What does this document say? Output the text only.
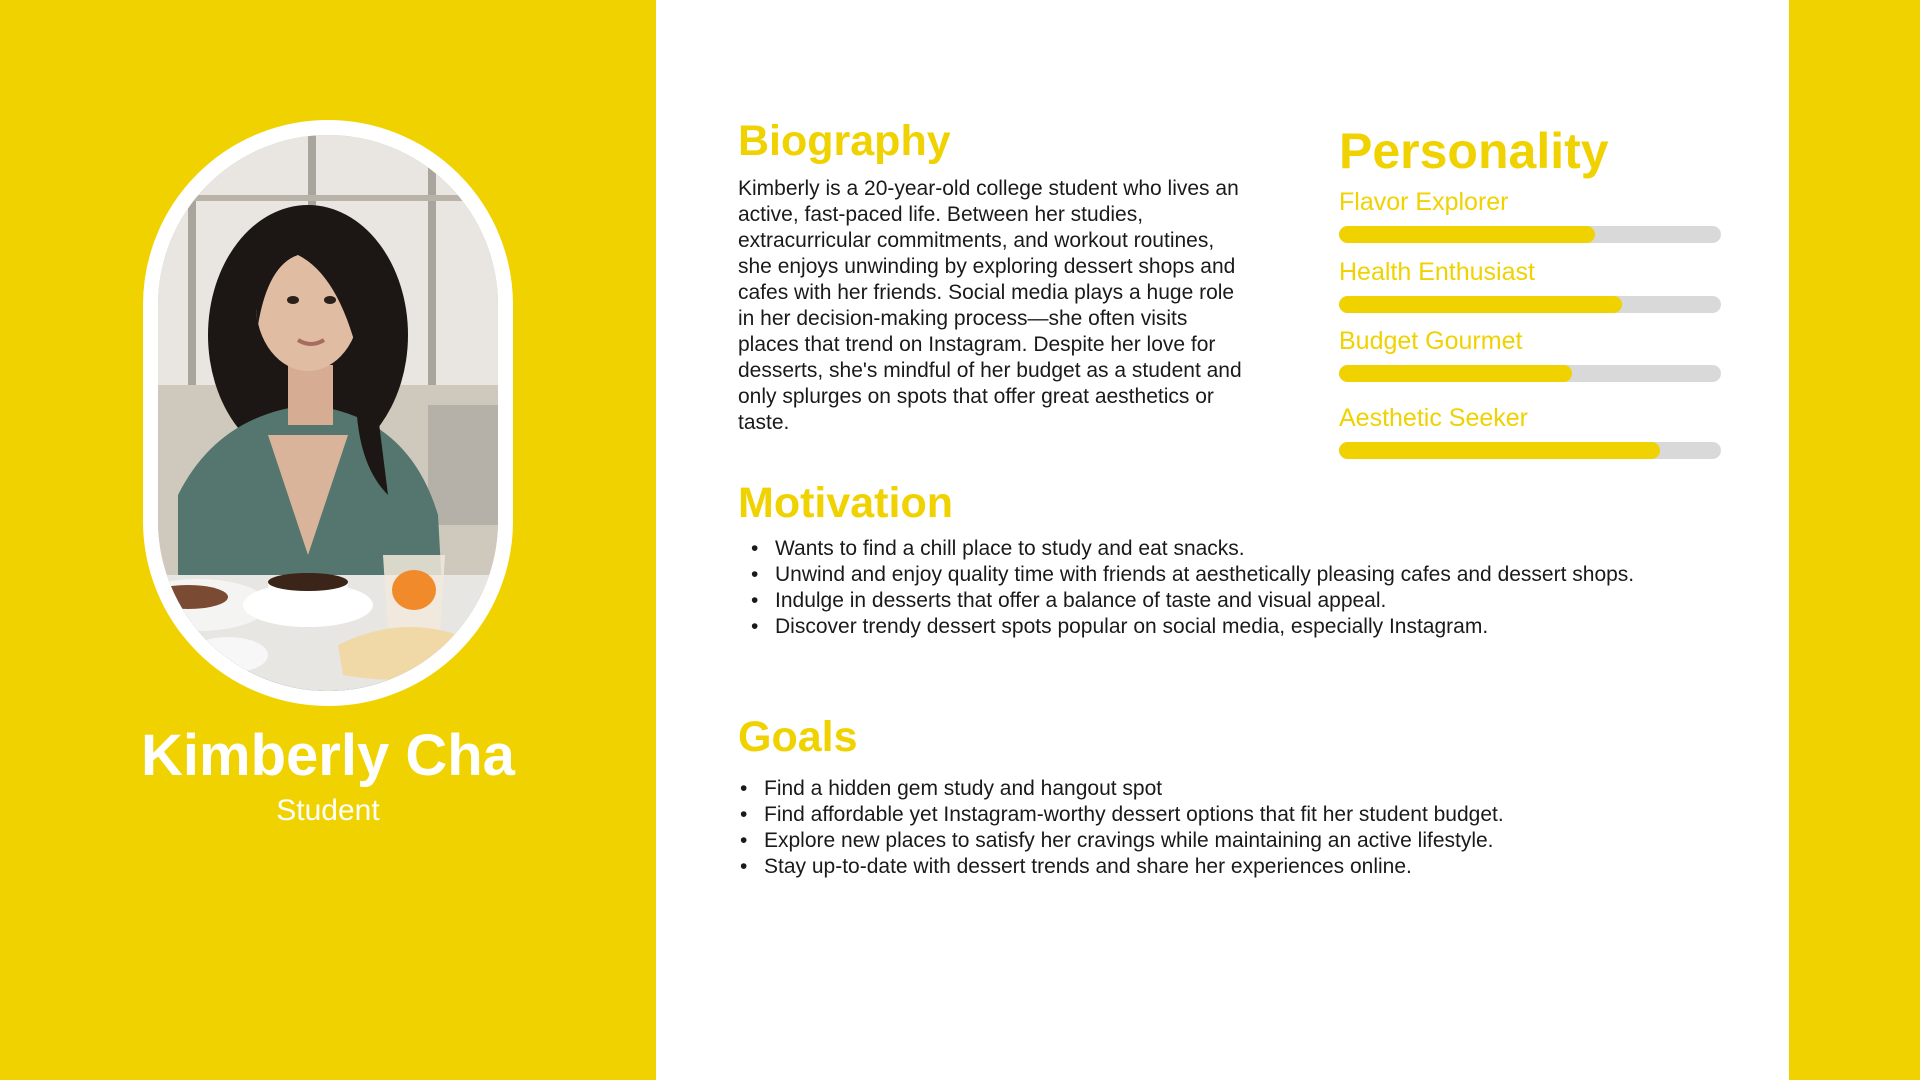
Kimberly Cha
Student
Biography

Kimberly is a 20-year-old college student who lives an active, fast-paced life. Between her studies, extracurricular commitments, and workout routines, she enjoys unwinding by exploring dessert shops and cafes with her friends. Social media plays a huge role in her decision-making process—she often visits places that trend on Instagram. Despite her love for desserts, she's mindful of her budget as a student and only splurges on spots that offer great aesthetics or taste.

Personality
Flavor Explorer
Health Enthusiast
Budget Gourmet
Aesthetic Seeker
Motivation
• Wants to find a chill place to study and eat snacks.
• Unwind and enjoy quality time with friends at aesthetically pleasing cafes and dessert shops.
• Indulge in desserts that offer a balance of taste and visual appeal.
• Discover trendy dessert spots popular on social media, especially Instagram.
Goals
• Find a hidden gem study and hangout spot
• Find affordable yet Instagram-worthy dessert options that fit her student budget.
• Explore new places to satisfy her cravings while maintaining an active lifestyle.
• Stay up-to-date with dessert trends and share her experiences online.
